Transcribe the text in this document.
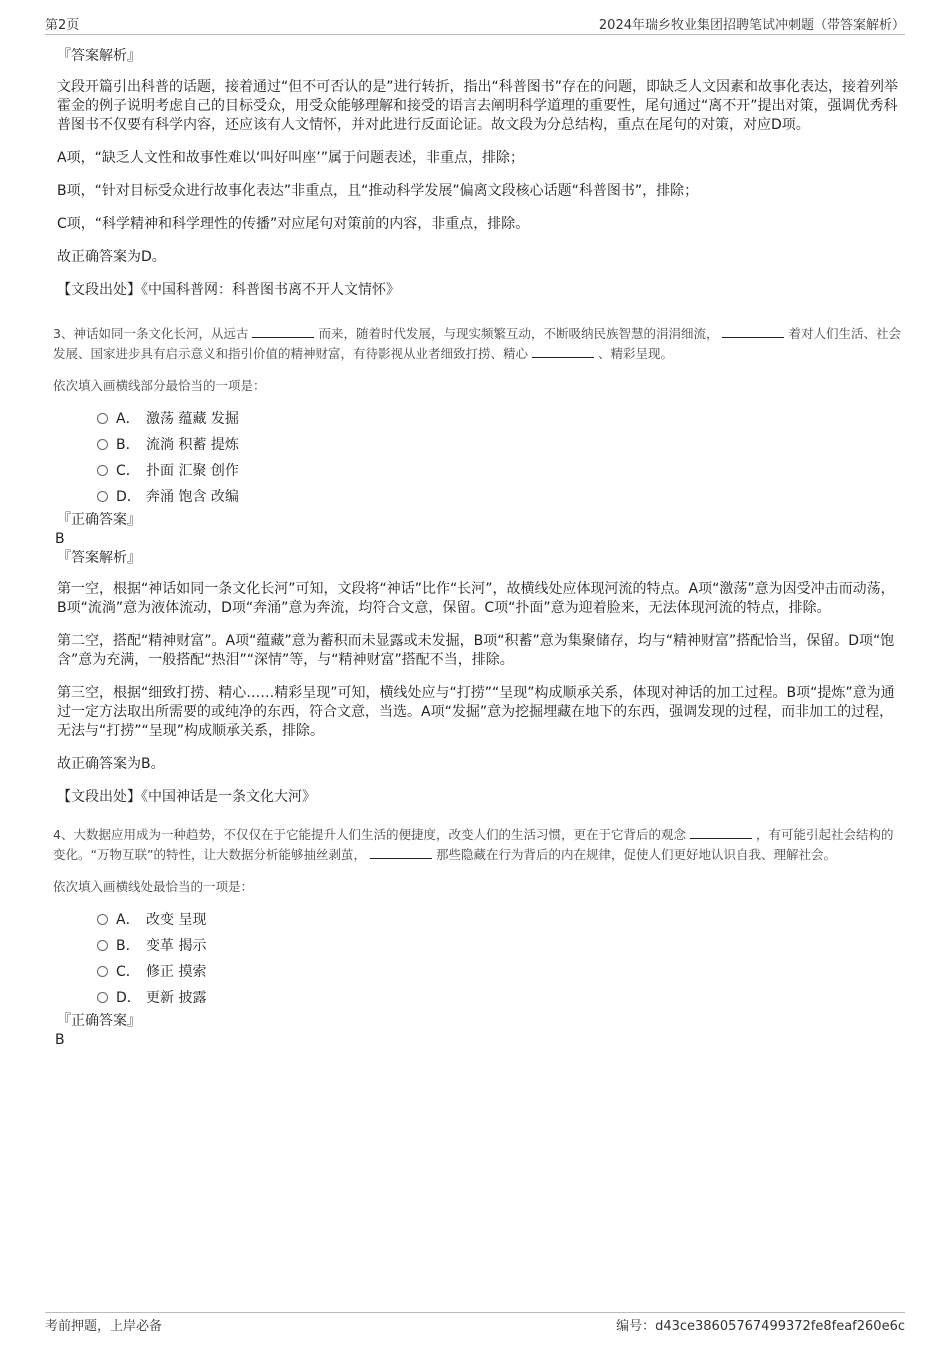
第2页	2024年瑞乡牧业集团招聘笔试冲刺题（带答案解析）

『答案解析』

文段开篇引出科普的话题，接着通过“但不可否认的是”进行转折，指出“科普图书”存在的问题，即缺乏人文因素和故事化表达，接着列举霍金的例子说明考虑自己的目标受众，用受众能够理解和接受的语言去阐明科学道理的重要性，尾句通过“离不开”提出对策，强调优秀科普图书不仅要有科学内容，还应该有人文情怀，并对此进行反面论证。故文段为分总结构，重点在尾句的对策，对应D项。

A项，“缺乏人文性和故事性难以‘叫好叫座’”属于问题表述，非重点，排除；

B项，“针对目标受众进行故事化表达”非重点，且“推动科学发展”偏离文段核心话题“科普图书”，排除；

C项，“科学精神和科学理性的传播”对应尾句对策前的内容，非重点，排除。

故正确答案为D。

【文段出处】《中国科普网：科普图书离不开人文情怀》

3、神话如同一条文化长河，从远古	而来，随着时代发展，与现实频繁互动，不断吸纳民族智慧的涓涓细流，	着对人们生活、社会发展、国家进步具有启示意义和指引价值的精神财富，有待影视从业者细致打捞、精心	、精彩呈现。

依次填入画横线部分最恰当的一项是：

A． 激荡 蕴藏 发掘
B． 流淌 积蓄 提炼
C． 扑面 汇聚 创作
D． 奔涌 饱含 改编

『正确答案』

B

『答案解析』

第一空，根据“神话如同一条文化长河”可知，文段将“神话”比作“长河”，故横线处应体现河流的特点。A项“激荡”意为因受冲击而动荡，B项“流淌”意为液体流动，D项“奔涌”意为奔流，均符合文意，保留。C项“扑面”意为迎着脸来，无法体现河流的特点，排除。

第二空，搭配“精神财富”。A项“蕴藏”意为蓄积而未显露或未发掘，B项“积蓄”意为集聚储存，均与“精神财富”搭配恰当，保留。D项“饱含”意为充满，一般搭配“热泪”“深情”等，与“精神财富”搭配不当，排除。

第三空，根据“细致打捞、精心……精彩呈现”可知，横线处应与“打捞”“呈现”构成顺承关系，体现对神话的加工过程。B项“提炼”意为通过一定方法取出所需要的或纯净的东西，符合文意，当选。A项“发掘”意为挖掘埋藏在地下的东西，强调发现的过程，而非加工的过程，无法与“打捞”“呈现”构成顺承关系，排除。

故正确答案为B。

【文段出处】《中国神话是一条文化大河》

4、大数据应用成为一种趋势，不仅仅在于它能提升人们生活的便捷度，改变人们的生活习惯，更在于它背后的观念	，有可能引起社会结构的变化。“万物互联”的特性，让大数据分析能够抽丝剥茧，	那些隐藏在行为背后的内在规律，促使人们更好地认识自我、理解社会。

依次填入画横线处最恰当的一项是：

A． 改变 呈现
B． 变革 揭示
C． 修正 摸索
D． 更新 披露

『正确答案』

B

考前押题，上岸必备	编号：d43ce38605767499372fe8feaf260e6c
